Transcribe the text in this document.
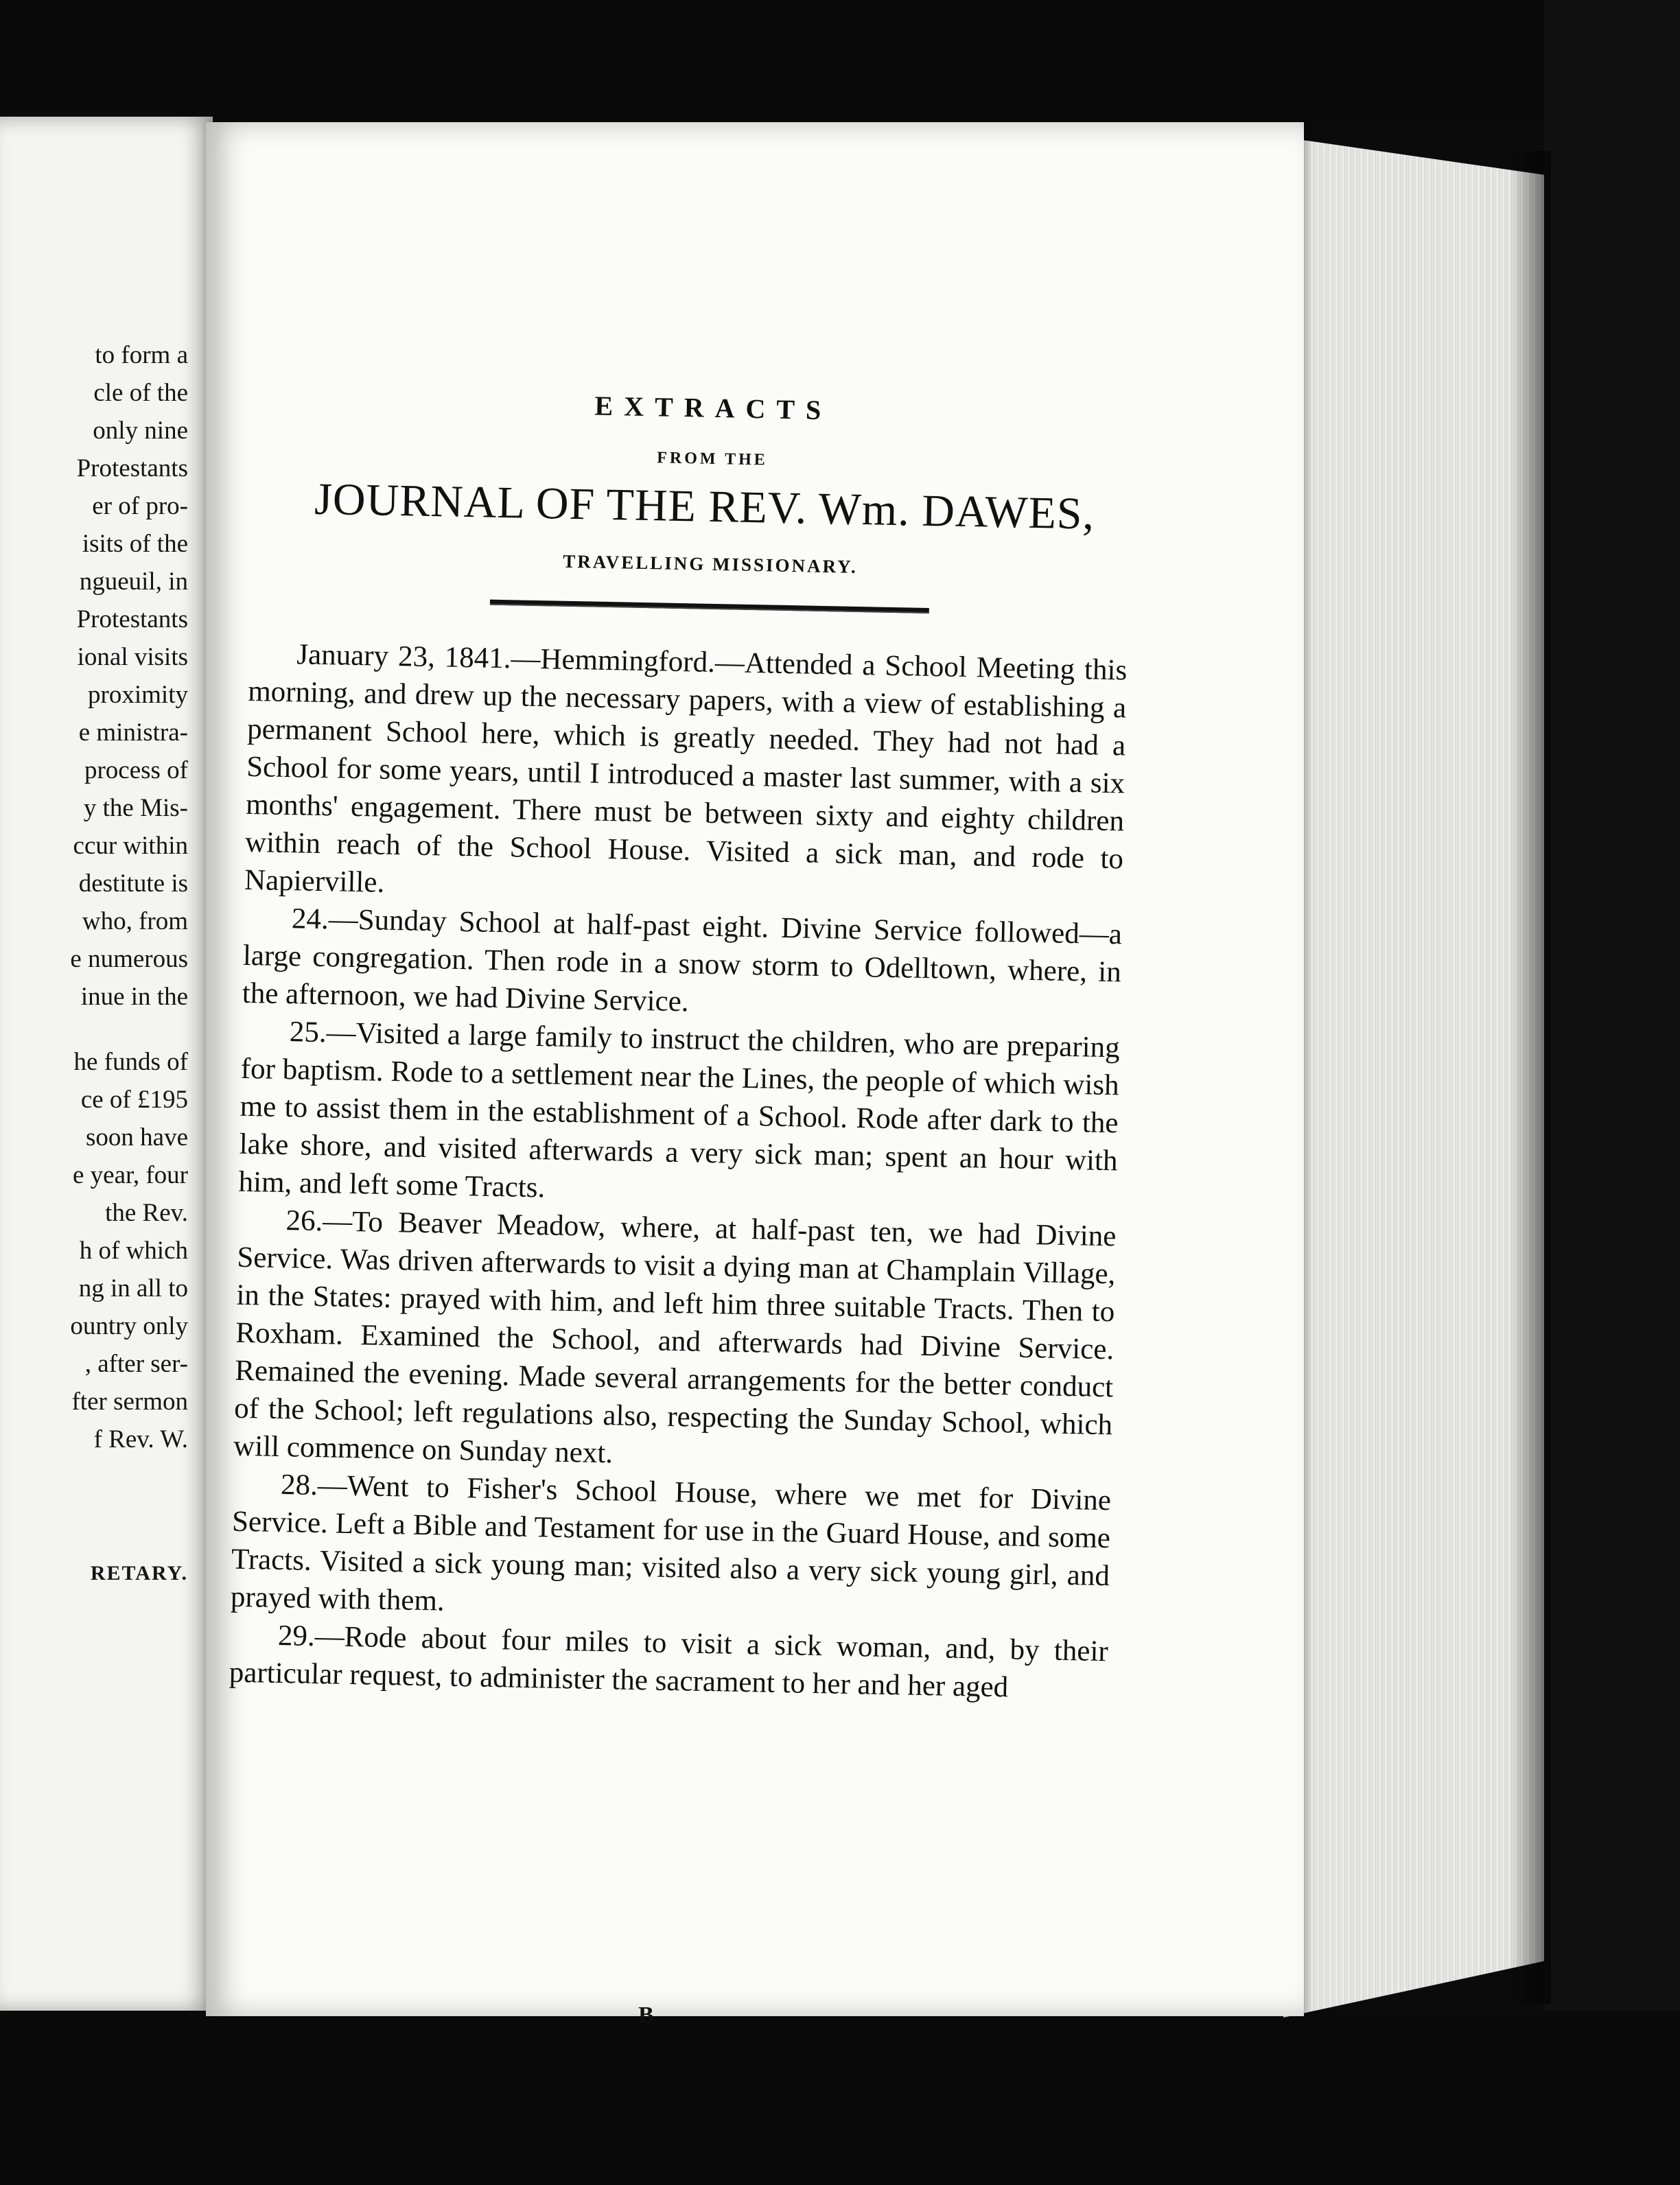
to form a
cle of the
only nine
Protestants
er of pro-
isits of the
ngueuil, in
Protestants
ional visits
proximity
e ministra-
process of
y the Mis-
ccur within
destitute is
who, from
e numerous
inue in the
he funds of
ce of £195
soon have
e year, four
the Rev.
h of which
ng in all to
ountry only
, after ser-
fter sermon
f Rev. W.
RETARY.
EXTRACTS
FROM THE
JOURNAL OF THE REV. Wm. DAWES,
TRAVELLING MISSIONARY.

January 23, 1841.—Hemmingford.—Attended a School Meeting this morning, and drew up the necessary papers, with a view of establishing a permanent School here, which is greatly needed. They had not had a School for some years, until I introduced a master last summer, with a six months' engagement. There must be between sixty and eighty children within reach of the School House. Visited a sick man, and rode to Napierville.

24.—Sunday School at half-past eight. Divine Service followed—a large congregation. Then rode in a snow storm to Odelltown, where, in the afternoon, we had Divine Service.

25.—Visited a large family to instruct the children, who are preparing for baptism. Rode to a settlement near the Lines, the people of which wish me to assist them in the establishment of a School. Rode after dark to the lake shore, and visited afterwards a very sick man; spent an hour with him, and left some Tracts.

26.—To Beaver Meadow, where, at half-past ten, we had Divine Service. Was driven afterwards to visit a dying man at Champlain Village, in the States: prayed with him, and left him three suitable Tracts. Then to Roxham. Examined the School, and afterwards had Divine Service. Remained the evening. Made several arrangements for the better conduct of the School; left regulations also, respecting the Sunday School, which will commence on Sunday next.

28.—Went to Fisher's School House, where we met for Divine Service. Left a Bible and Testament for use in the Guard House, and some Tracts. Visited a sick young man; visited also a very sick young girl, and prayed with them.

29.—Rode about four miles to visit a sick woman, and, by their particular request, to administer the sacrament to her and her aged

B
